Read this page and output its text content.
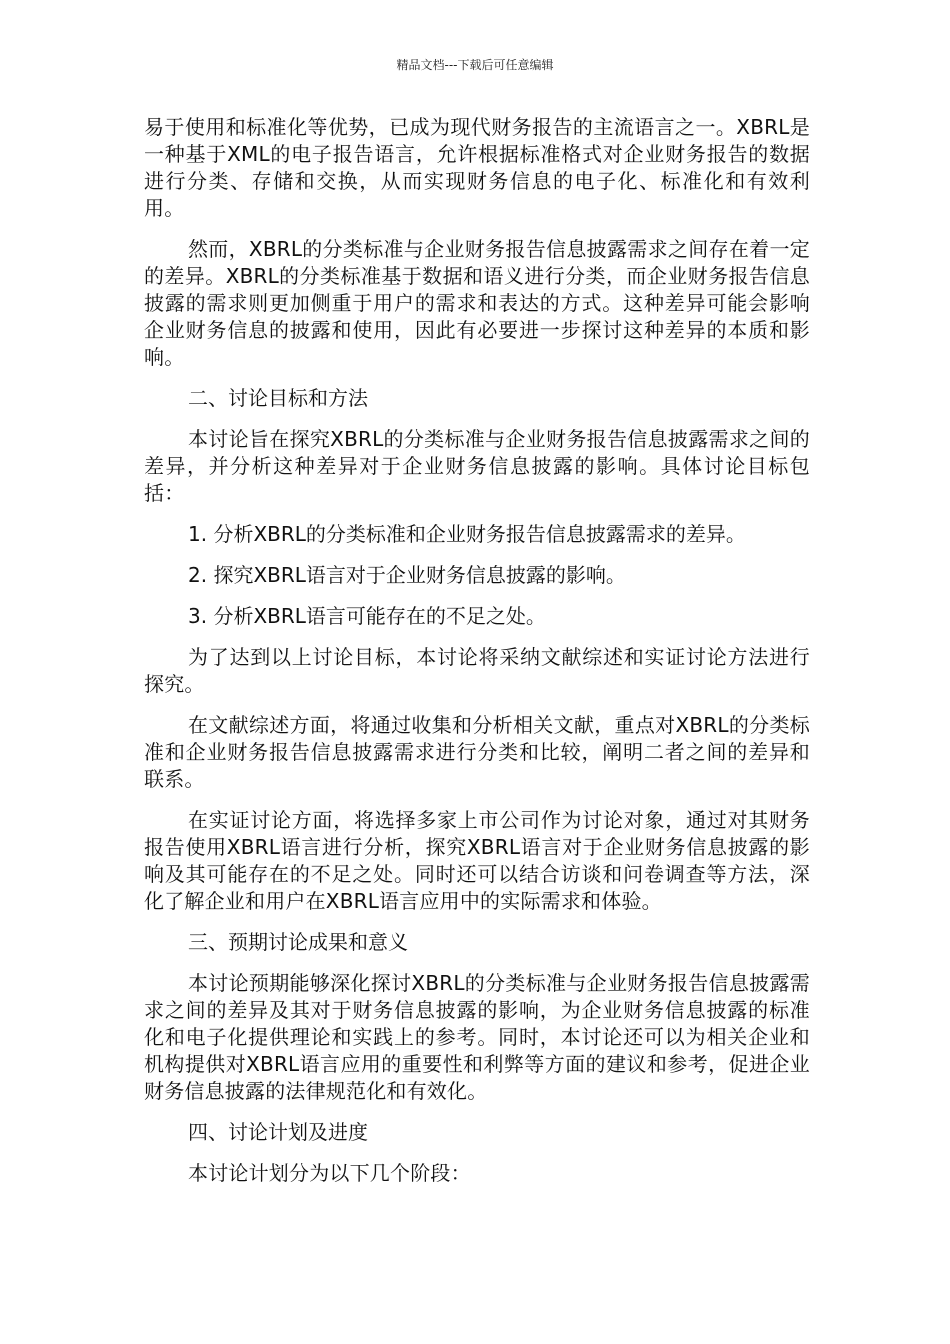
精品文档---下载后可任意编辑

易于使用和标准化等优势，已成为现代财务报告的主流语言之一。XBRL是一种基于XML的电子报告语言，允许根据标准格式对企业财务报告的数据进行分类、存储和交换，从而实现财务信息的电子化、标准化和有效利用。

然而，XBRL的分类标准与企业财务报告信息披露需求之间存在着一定的差异。XBRL的分类标准基于数据和语义进行分类，而企业财务报告信息披露的需求则更加侧重于用户的需求和表达的方式。这种差异可能会影响企业财务信息的披露和使用，因此有必要进一步探讨这种差异的本质和影响。

二、讨论目标和方法

本讨论旨在探究XBRL的分类标准与企业财务报告信息披露需求之间的差异，并分析这种差异对于企业财务信息披露的影响。具体讨论目标包括：

1. 分析XBRL的分类标准和企业财务报告信息披露需求的差异。

2. 探究XBRL语言对于企业财务信息披露的影响。

3. 分析XBRL语言可能存在的不足之处。

为了达到以上讨论目标，本讨论将采纳文献综述和实证讨论方法进行探究。

在文献综述方面，将通过收集和分析相关文献，重点对XBRL的分类标准和企业财务报告信息披露需求进行分类和比较，阐明二者之间的差异和联系。

在实证讨论方面，将选择多家上市公司作为讨论对象，通过对其财务报告使用XBRL语言进行分析，探究XBRL语言对于企业财务信息披露的影响及其可能存在的不足之处。同时还可以结合访谈和问卷调查等方法，深化了解企业和用户在XBRL语言应用中的实际需求和体验。

三、预期讨论成果和意义

本讨论预期能够深化探讨XBRL的分类标准与企业财务报告信息披露需求之间的差异及其对于财务信息披露的影响，为企业财务信息披露的标准化和电子化提供理论和实践上的参考。同时，本讨论还可以为相关企业和机构提供对XBRL语言应用的重要性和利弊等方面的建议和参考，促进企业财务信息披露的法律规范化和有效化。

四、讨论计划及进度

本讨论计划分为以下几个阶段：
